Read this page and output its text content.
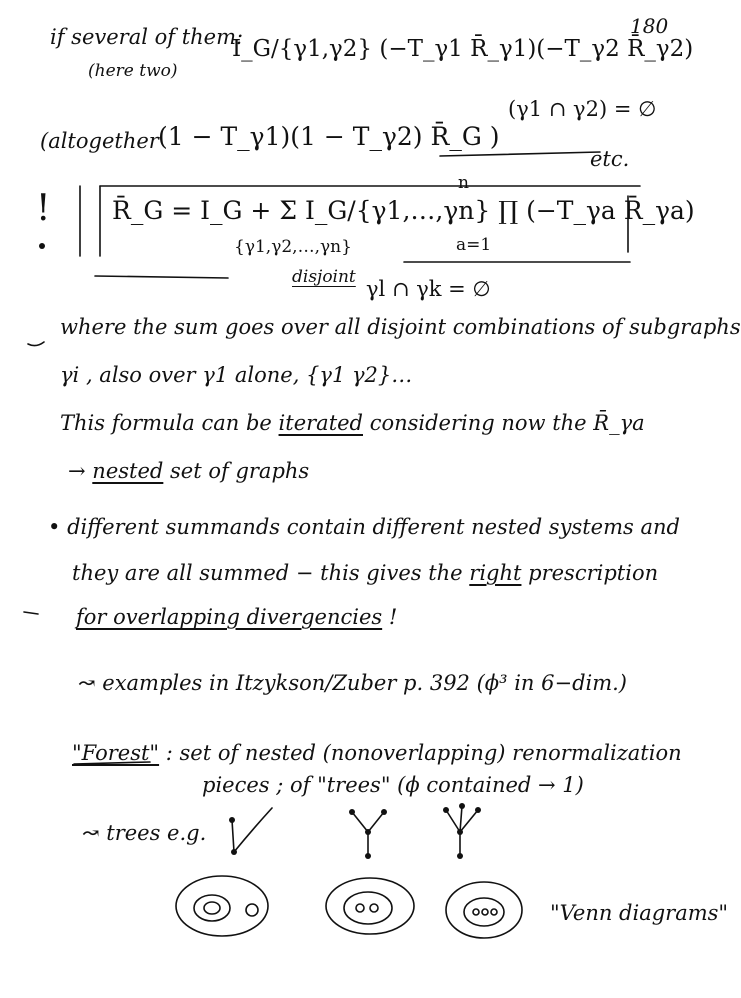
180
if several of them:
(here two)
I_G/{γ1,γ2} (−T_γ1 R̄_γ1)(−T_γ2 R̄_γ2)
(γ1 ∩ γ2) = ∅
(altogether (1 − T_γ1)(1 − T_γ2) R̄_G )
etc.
! R̄_G = I_G + Σ I_G/{γ1,…,γn} ∏ (−T_γa R̄_γa)
{γ1,γ2,…,γn}
n
a=1
disjoint γl ∩ γk = ∅
where the sum goes over all disjoint combinations of subgraphs
γi , also over γ1 alone, {γ1 γ2}…
This formula can be iterated considering now the R̄_γa
→ nested set of graphs
• different summands contain different nested systems and
they are all summed − this gives the right prescription
for overlapping divergencies !
↝ examples in Itzykson/Zuber p. 392 (ϕ³ in 6−dim.)
"Forest" : set of nested (nonoverlapping) renormalization
pieces ; of "trees" (ϕ contained → 1)
↝ trees e.g.
"Venn diagrams"
